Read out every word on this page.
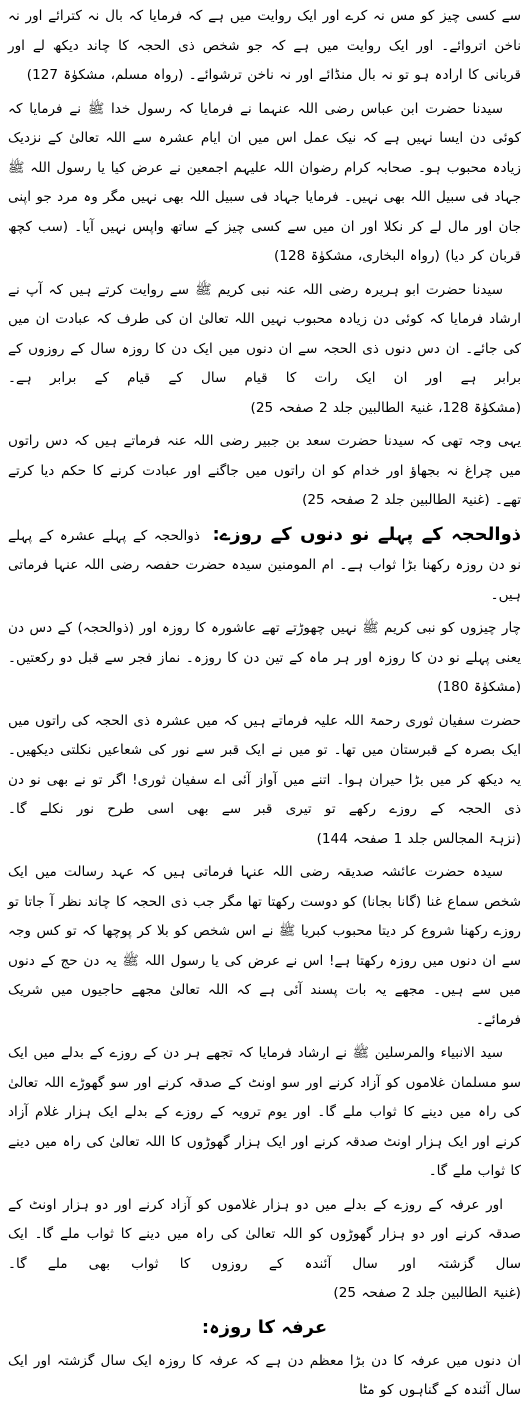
سے کسی چیز کو مس نہ کرے اور ایک روایت میں ہے کہ فرمایا کہ بال نہ کترائے اور نہ ناخن اتروائے۔ اور ایک روایت میں ہے کہ جو شخص ذی الحجہ کا چاند دیکھ لے اور قربانی کا ارادہ ہو تو نہ بال منڈائے اور نہ ناخن ترشوائے۔ (رواہ مسلم، مشکوٰۃ 127)

سیدنا حضرت ابن عباس رضی اللہ عنہما نے فرمایا کہ رسول خدا ﷺ نے فرمایا کہ کوئی دن ایسا نہیں ہے کہ نیک عمل اس میں ان ایام عشرہ سے اللہ تعالیٰ کے نزدیک زیادہ محبوب ہو۔ صحابہ کرام رضوان اللہ علیہم اجمعین نے عرض کیا یا رسول اللہ ﷺ جہاد فی سبیل اللہ بھی نہیں۔ فرمایا جہاد فی سبیل اللہ بھی نہیں مگر وہ مرد جو اپنی جان اور مال لے کر نکلا اور ان میں سے کسی چیز کے ساتھ واپس نہیں آیا۔ (سب کچھ قربان کر دیا) (رواہ البخاری، مشکوٰۃ 128)

سیدنا حضرت ابو ہریرہ رضی اللہ عنہ نبی کریم ﷺ سے روایت کرتے ہیں کہ آپ نے ارشاد فرمایا کہ کوئی دن زیادہ محبوب نہیں اللہ تعالیٰ ان کی طرف کہ عبادت ان میں کی جائے۔ ان دس دنوں ذی الحجہ سے ان دنوں میں ایک دن کا روزہ سال کے روزوں کے برابر ہے اور ان ایک رات کا قیام سال کے قیام کے برابر ہے۔ (مشکوٰۃ 128، غنیۃ الطالبین جلد 2 صفحہ 25)

یہی وجہ تھی کہ سیدنا حضرت سعد بن جبیر رضی اللہ عنہ فرماتے ہیں کہ دس راتوں میں چراغ نہ بجھاؤ اور خدام کو ان راتوں میں جاگنے اور عبادت کرنے کا حکم دیا کرتے تھے۔ (غنیۃ الطالبین جلد 2 صفحہ 25)

ذوالحجہ کے پہلے نو دنوں کے روزے: ذوالحجہ کے پہلے عشرہ کے پہلے نو دن روزہ رکھنا بڑا ثواب ہے۔ ام المومنین سیدہ حضرت حفصہ رضی اللہ عنہا فرماتی ہیں۔

چار چیزوں کو نبی کریم ﷺ نہیں چھوڑتے تھے عاشورہ کا روزہ اور (ذوالحجہ) کے دس دن یعنی پہلے نو دن کا روزہ اور ہر ماہ کے تین دن کا روزہ۔ نماز فجر سے قبل دو رکعتیں۔ (مشکوٰۃ 180)

حضرت سفیان ثوری رحمۃ اللہ علیہ فرماتے ہیں کہ میں عشرہ ذی الحجہ کی راتوں میں ایک بصرہ کے قبرستان میں تھا۔ تو میں نے ایک قبر سے نور کی شعاعیں نکلتی دیکھیں۔ یہ دیکھ کر میں بڑا حیران ہوا۔ اتنے میں آواز آئی اے سفیان ثوری! اگر تو نے بھی نو دن ذی الحجہ کے روزے رکھے تو تیری قبر سے بھی اسی طرح نور نکلے گا۔ (نزہۃ المجالس جلد 1 صفحہ 144)

سیدہ حضرت عائشہ صدیقہ رضی اللہ عنہا فرماتی ہیں کہ عہد رسالت میں ایک شخص سماع غنا (گانا بجانا) کو دوست رکھتا تھا مگر جب ذی الحجہ کا چاند نظر آ جاتا تو روزے رکھنا شروع کر دیتا محبوب کبریا ﷺ نے اس شخص کو بلا کر پوچھا کہ تو کس وجہ سے ان دنوں میں روزہ رکھتا ہے! اس نے عرض کی یا رسول اللہ ﷺ یہ دن حج کے دنوں میں سے ہیں۔ مجھے یہ بات پسند آئی ہے کہ اللہ تعالیٰ مجھے حاجیوں میں شریک فرمائے۔

سید الانبیاء والمرسلین ﷺ نے ارشاد فرمایا کہ تجھے ہر دن کے روزے کے بدلے میں ایک سو مسلمان غلاموں کو آزاد کرنے اور سو اونٹ کے صدقہ کرنے اور سو گھوڑے اللہ تعالیٰ کی راہ میں دینے کا ثواب ملے گا۔ اور یوم ترویہ کے روزے کے بدلے ایک ہزار غلام آزاد کرنے اور ایک ہزار اونٹ صدقہ کرنے اور ایک ہزار گھوڑوں کا اللہ تعالیٰ کی راہ میں دینے کا ثواب ملے گا۔

اور عرفہ کے روزے کے بدلے میں دو ہزار غلاموں کو آزاد کرنے اور دو ہزار اونٹ کے صدقہ کرنے اور دو ہزار گھوڑوں کو اللہ تعالیٰ کی راہ میں دینے کا ثواب ملے گا۔ ایک سال گزشتہ اور سال آئندہ کے روزوں کا ثواب بھی ملے گا۔ (غنیۃ الطالبین جلد 2 صفحہ 25)

عرفہ کا روزہ:

ان دنوں میں عرفہ کا دن بڑا معظم دن ہے کہ عرفہ کا روزہ ایک سال گزشتہ اور ایک سال آئندہ کے گناہوں کو مٹا
